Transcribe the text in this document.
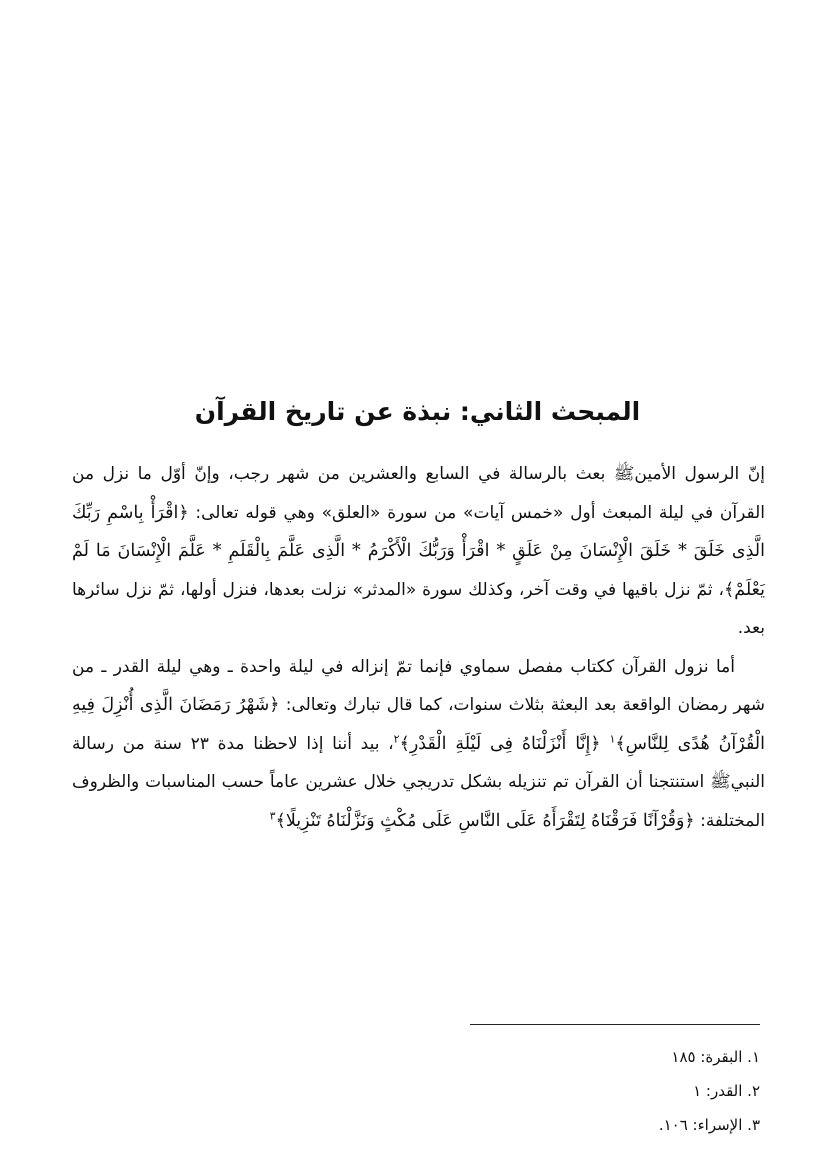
المبحث الثاني: نبذة عن تاريخ القرآن

إنّ الرسول الأمينﷺ بعث بالرسالة في السابع والعشرين من شهر رجب، وإنّ أوّل ما نزل من القرآن في ليلة المبعث أول «خمس آيات» من سورة «العلق» وهي قوله تعالى: ﴿اقْرَأْ بِاسْمِ رَبِّكَ الَّذِى خَلَقَ * خَلَقَ الْإِنْسَانَ مِنْ عَلَقٍ * اقْرَأْ وَرَبُّكَ الْأَكْرَمُ * الَّذِى عَلَّمَ بِالْقَلَمِ * عَلَّمَ الْإِنْسَانَ مَا لَمْ يَعْلَمْ﴾، ثمّ نزل باقيها في وقت آخر، وكذلك سورة «المدثر» نزلت بعدها، فنزل أولها، ثمّ نزل سائرها بعد.

أما نزول القرآن ككتاب مفصل سماوي فإنما تمّ إنزاله في ليلة واحدة ـ وهي ليلة القدر ـ من شهر رمضان الواقعة بعد البعثة بثلاث سنوات، كما قال تبارك وتعالى: ﴿شَهْرُ رَمَضَانَ الَّذِى أُنْزِلَ فِيهِ الْقُرْآنُ هُدًى لِلنَّاسِ﴾$^١$ ﴿إِنَّا أَنْزَلْنَاهُ فِى لَيْلَةِ الْقَدْرِ﴾$^٢$، بيد أننا إذا لاحظنا مدة ٢٣ سنة من رسالة النبيﷺ استنتجنا أن القرآن تم تنزيله بشكل تدريجي خلال عشرين عاماً حسب المناسبات والظروف المختلفة: ﴿وَقُرْآنًا فَرَقْنَاهُ لِتَقْرَأَهُ عَلَى النَّاسِ عَلَى مُكْثٍ وَنَزَّلْنَاهُ تَنْزِيلًا﴾$^٣$

١. البقرة: ١٨٥
٢. القدر: ١
٣. الإسراء: ١٠٦.
